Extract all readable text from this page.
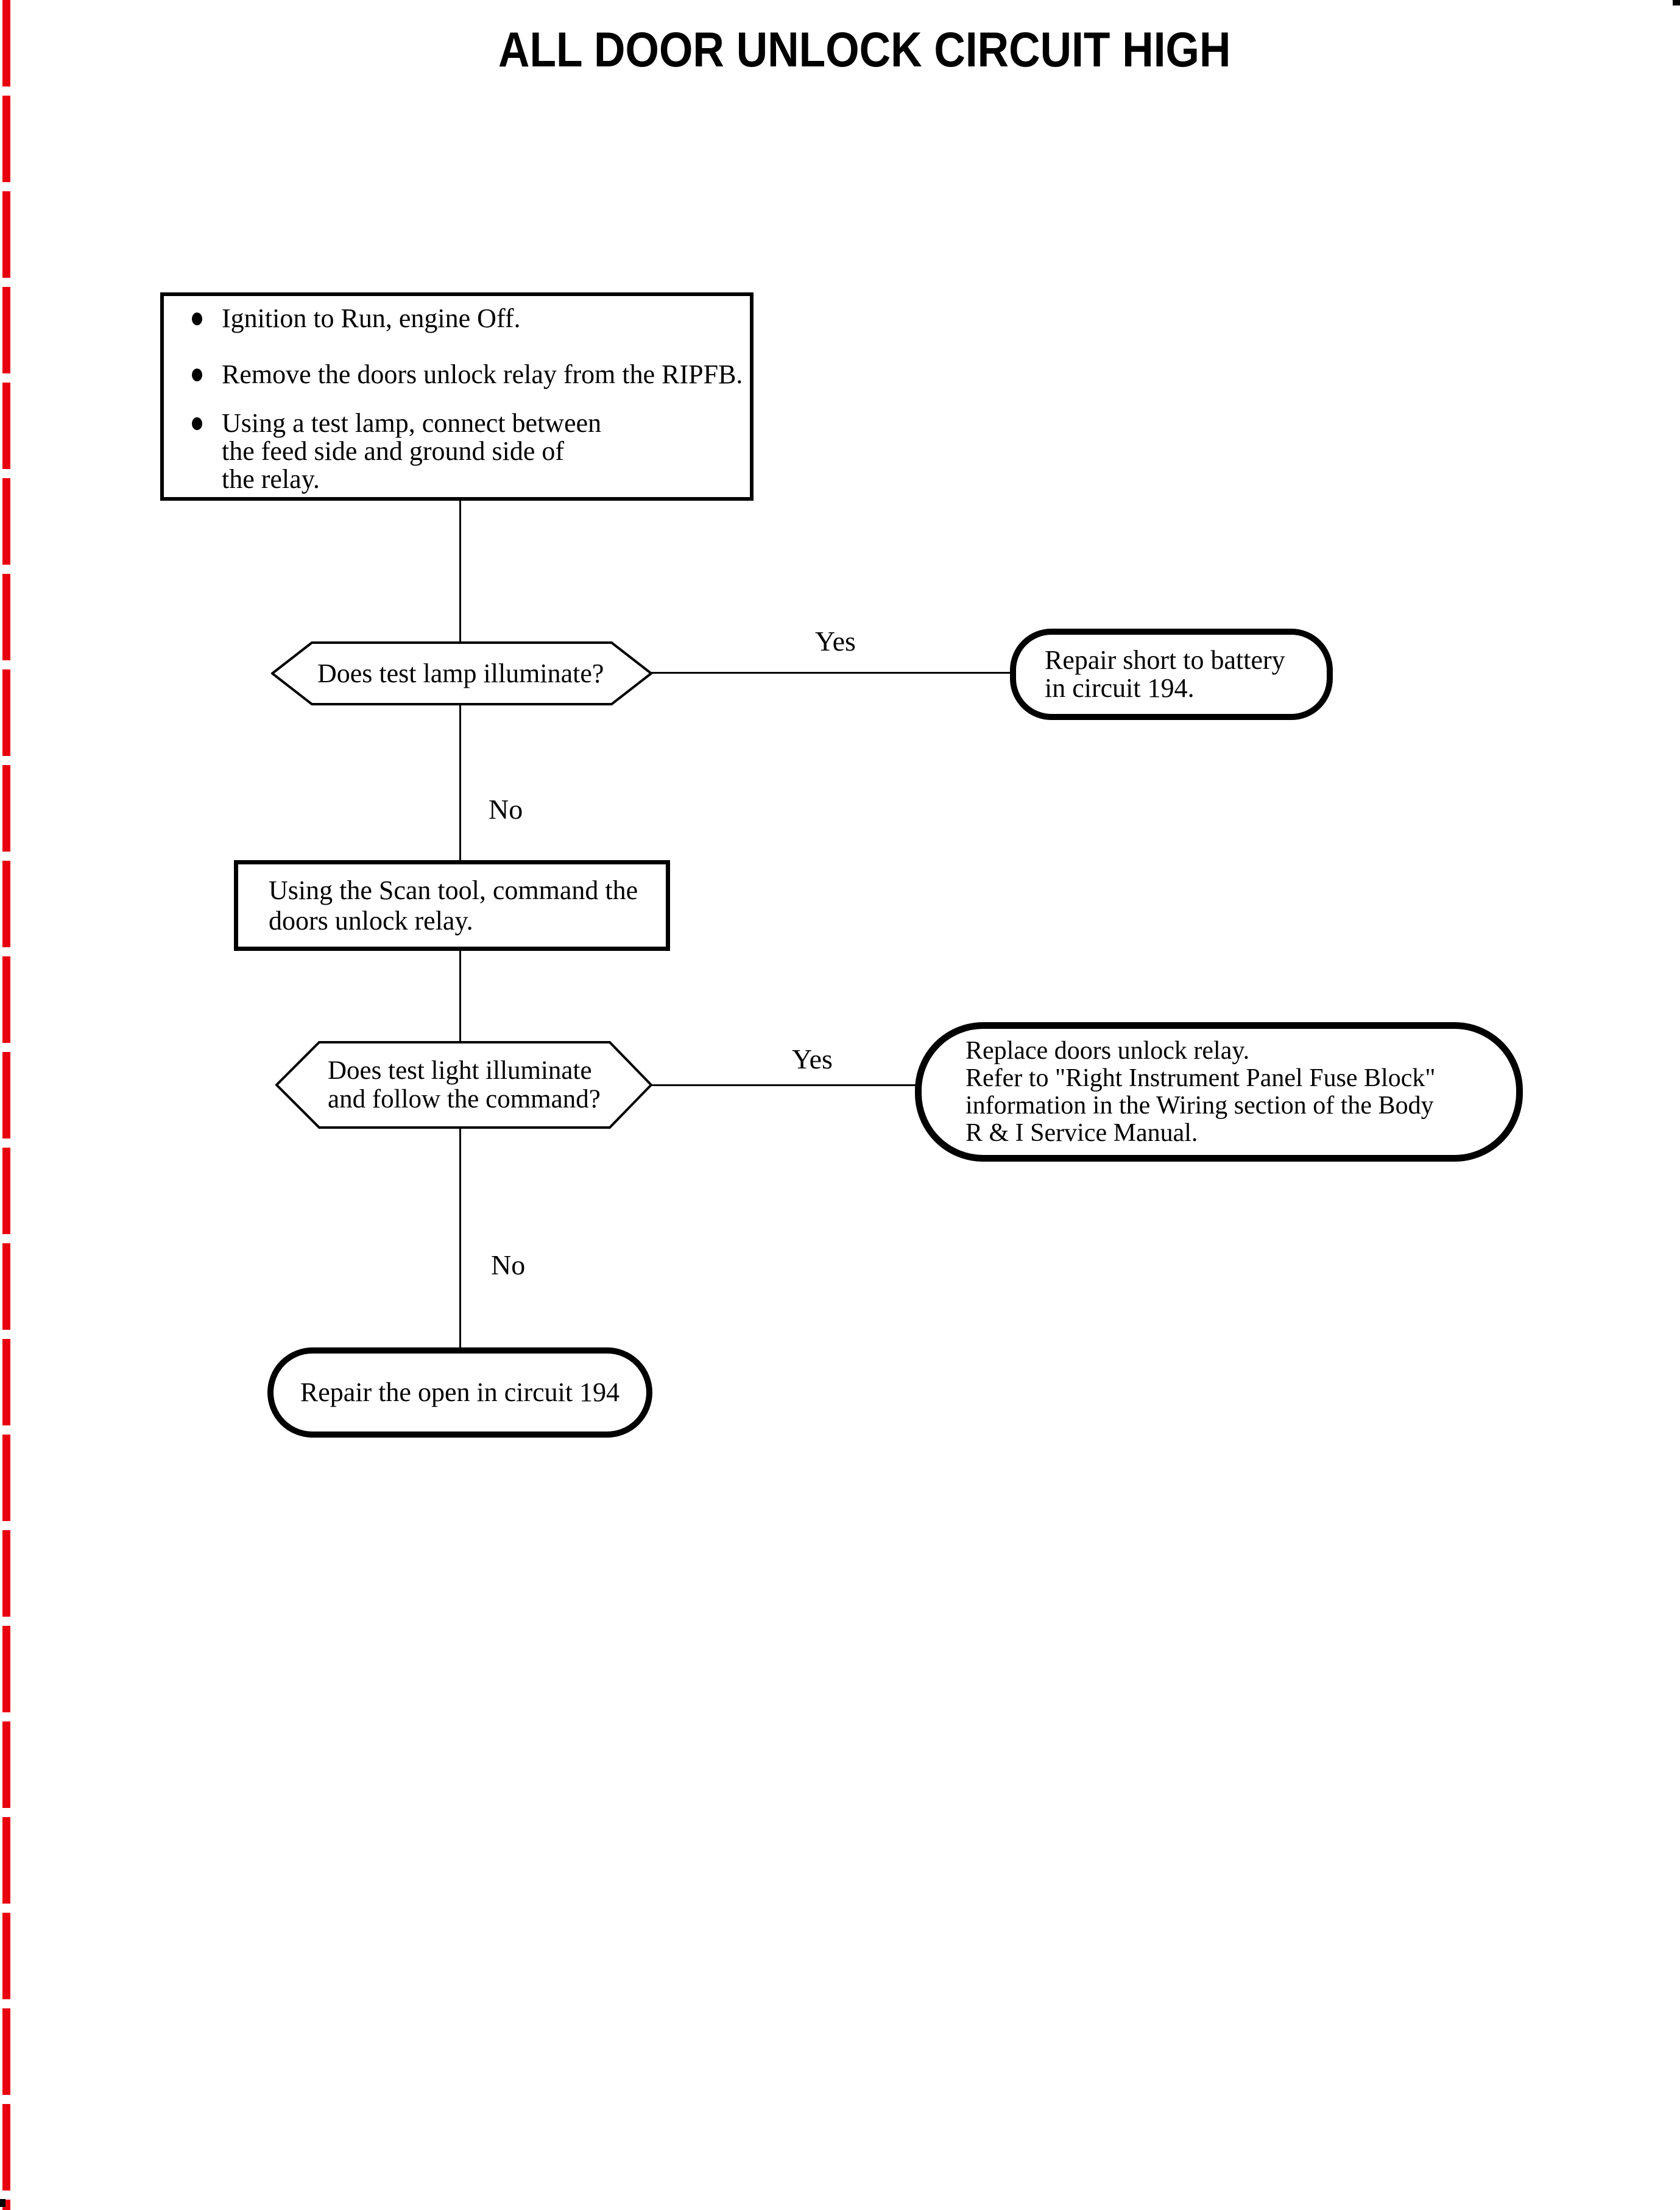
ALL DOOR UNLOCK CIRCUIT HIGH
Ignition to Run, engine Off.
Remove the doors unlock relay from the RIPFB.
Using a test lamp, connect between
the feed side and ground side of
the relay.
Does test lamp illuminate?
Yes
Repair short to battery
in circuit 194.
No
Using the Scan tool, command the
doors unlock relay.
Does test light illuminate
and follow the command?
Yes	Replace doors unlock relay.
Refer to "Right Instrument Panel Fuse Block"
information in the Wiring section of the Body
R & I Service Manual.
No
Repair the open in circuit 194
